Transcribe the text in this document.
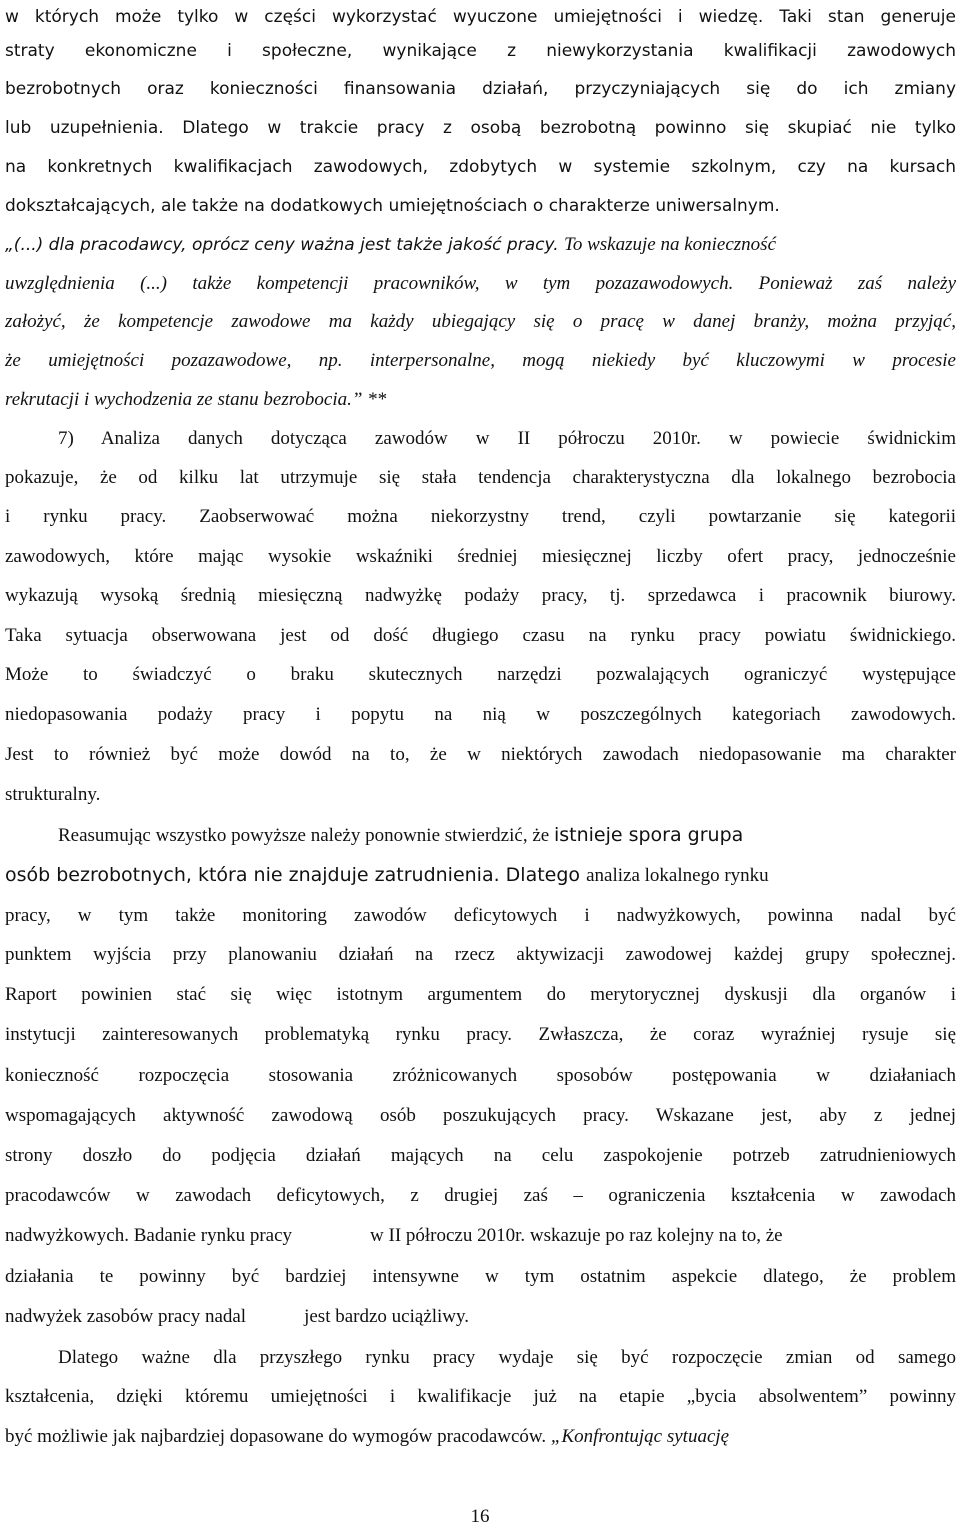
w których może tylko w części wykorzystać wyuczone umiejętności i wiedzę. Taki stan generuje
straty ekonomiczne i społeczne, wynikające z niewykorzystania kwalifikacji zawodowych
bezrobotnych oraz konieczności finansowania działań, przyczyniających się do ich zmiany
lub uzupełnienia. Dlatego w trakcie pracy z osobą bezrobotną powinno się skupiać nie tylko
na konkretnych kwalifikacjach zawodowych, zdobytych w systemie szkolnym, czy na kursach
dokształcających, ale także na dodatkowych umiejętnościach o charakterze uniwersalnym.
„(...) dla pracodawcy, oprócz ceny ważna jest także jakość pracy. To wskazuje na konieczność
uwzględnienia (...) także kompetencji pracowników, w tym pozazawodowych. Ponieważ zaś należy
założyć, że kompetencje zawodowe ma każdy ubiegający się o pracę w danej branży, można przyjąć,
że umiejętności pozazawodowe, np. interpersonalne, mogą niekiedy być kluczowymi w procesie
rekrutacji i wychodzenia ze stanu bezrobocia.” **
7) Analiza danych dotycząca zawodów w II półroczu 2010r. w powiecie świdnickim
pokazuje, że od kilku lat utrzymuje się stała tendencja charakterystyczna dla lokalnego bezrobocia
i rynku pracy. Zaobserwować można niekorzystny trend, czyli powtarzanie się kategorii
zawodowych, które mając wysokie wskaźniki średniej miesięcznej liczby ofert pracy, jednocześnie
wykazują wysoką średnią miesięczną nadwyżkę podaży pracy, tj. sprzedawca i pracownik biurowy.
Taka sytuacja obserwowana jest od dość długiego czasu na rynku pracy powiatu świdnickiego.
Może to świadczyć o braku skutecznych narzędzi pozwalających ograniczyć występujące
niedopasowania podaży pracy i popytu na nią w poszczególnych kategoriach zawodowych.
Jest to również być może dowód na to, że w niektórych zawodach niedopasowanie ma charakter
strukturalny.
Reasumując wszystko powyższe należy ponownie stwierdzić, że istnieje spora grupa
osób bezrobotnych, która nie znajduje zatrudnienia. Dlatego analiza lokalnego rynku
pracy, w tym także monitoring zawodów deficytowych i nadwyżkowych, powinna nadal być
punktem wyjścia przy planowaniu działań na rzecz aktywizacji zawodowej każdej grupy społecznej.
Raport powinien stać się więc istotnym argumentem do merytorycznej dyskusji dla organów i
instytucji zainteresowanych problematyką rynku pracy. Zwłaszcza, że coraz wyraźniej rysuje się
konieczność rozpoczęcia stosowania zróżnicowanych sposobów postępowania w działaniach
wspomagających aktywność zawodową osób poszukujących pracy. Wskazane jest, aby z jednej
strony doszło do podjęcia działań mających na celu zaspokojenie potrzeb zatrudnieniowych
pracodawców w zawodach deficytowych, z drugiej zaś – ograniczenia kształcenia w zawodach
nadwyżkowych. Badanie rynku pracy	w II półroczu 2010r. wskazuje po raz kolejny na to, że
działania te powinny być bardziej intensywne w tym ostatnim aspekcie dlatego, że problem
nadwyżek zasobów pracy nadal	jest bardzo uciążliwy.
Dlatego ważne dla przyszłego rynku pracy wydaje się być rozpoczęcie zmian od samego
kształcenia, dzięki któremu umiejętności i kwalifikacje już na etapie „bycia absolwentem” powinny
być możliwie jak najbardziej dopasowane do wymogów pracodawców. „Konfrontując sytuację
16
